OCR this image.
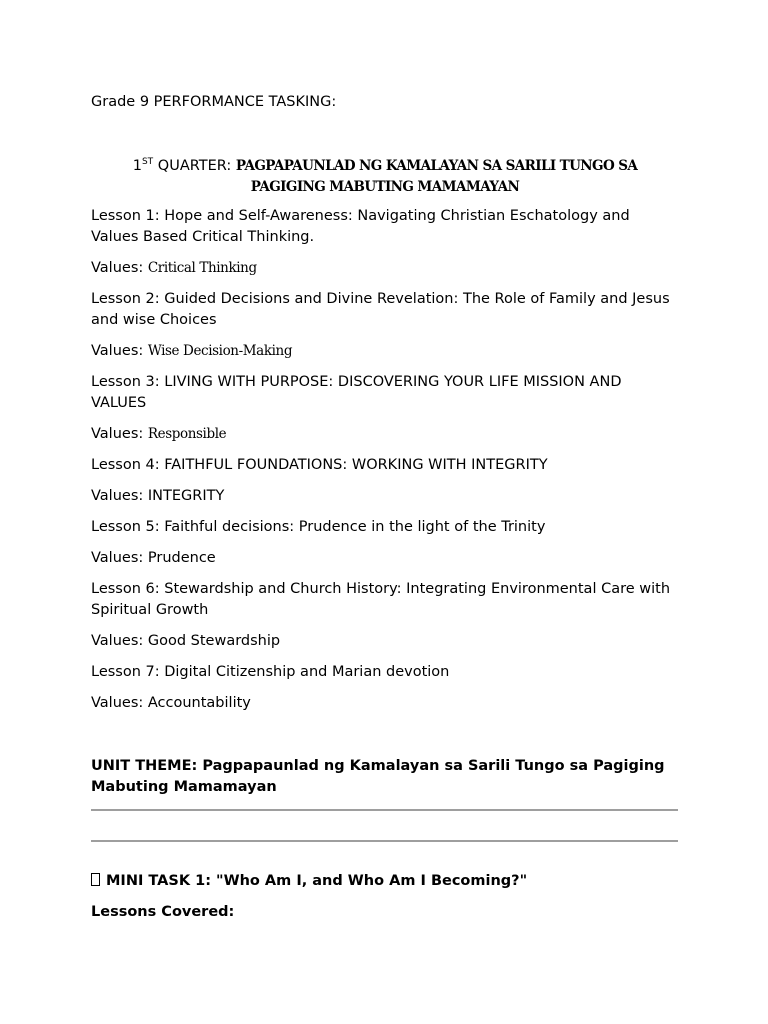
Grade 9 PERFORMANCE TASKING:
1ST QUARTER: PAGPAPAUNLAD NG KAMALAYAN SA SARILI TUNGO SA
PAGIGING MABUTING MAMAMAYAN

Lesson 1: Hope and Self-Awareness: Navigating Christian Eschatology and Values Based Critical Thinking.

Values: Critical Thinking

Lesson 2: Guided Decisions and Divine Revelation: The Role of Family and Jesus and wise Choices

Values: Wise Decision-Making

Lesson 3: LIVING WITH PURPOSE: DISCOVERING YOUR LIFE MISSION AND VALUES

Values: Responsible

Lesson 4: FAITHFUL FOUNDATIONS: WORKING WITH INTEGRITY

Values: INTEGRITY

Lesson 5: Faithful decisions: Prudence in the light of the Trinity

Values: Prudence

Lesson 6: Stewardship and Church History: Integrating Environmental Care with Spiritual Growth

Values: Good Stewardship

Lesson 7: Digital Citizenship and Marian devotion

Values: Accountability

UNIT THEME: Pagpapaunlad ng Kamalayan sa Sarili Tungo sa Pagiging Mabuting Mamamayan
MINI TASK 1: "Who Am I, and Who Am I Becoming?"
Lessons Covered:
